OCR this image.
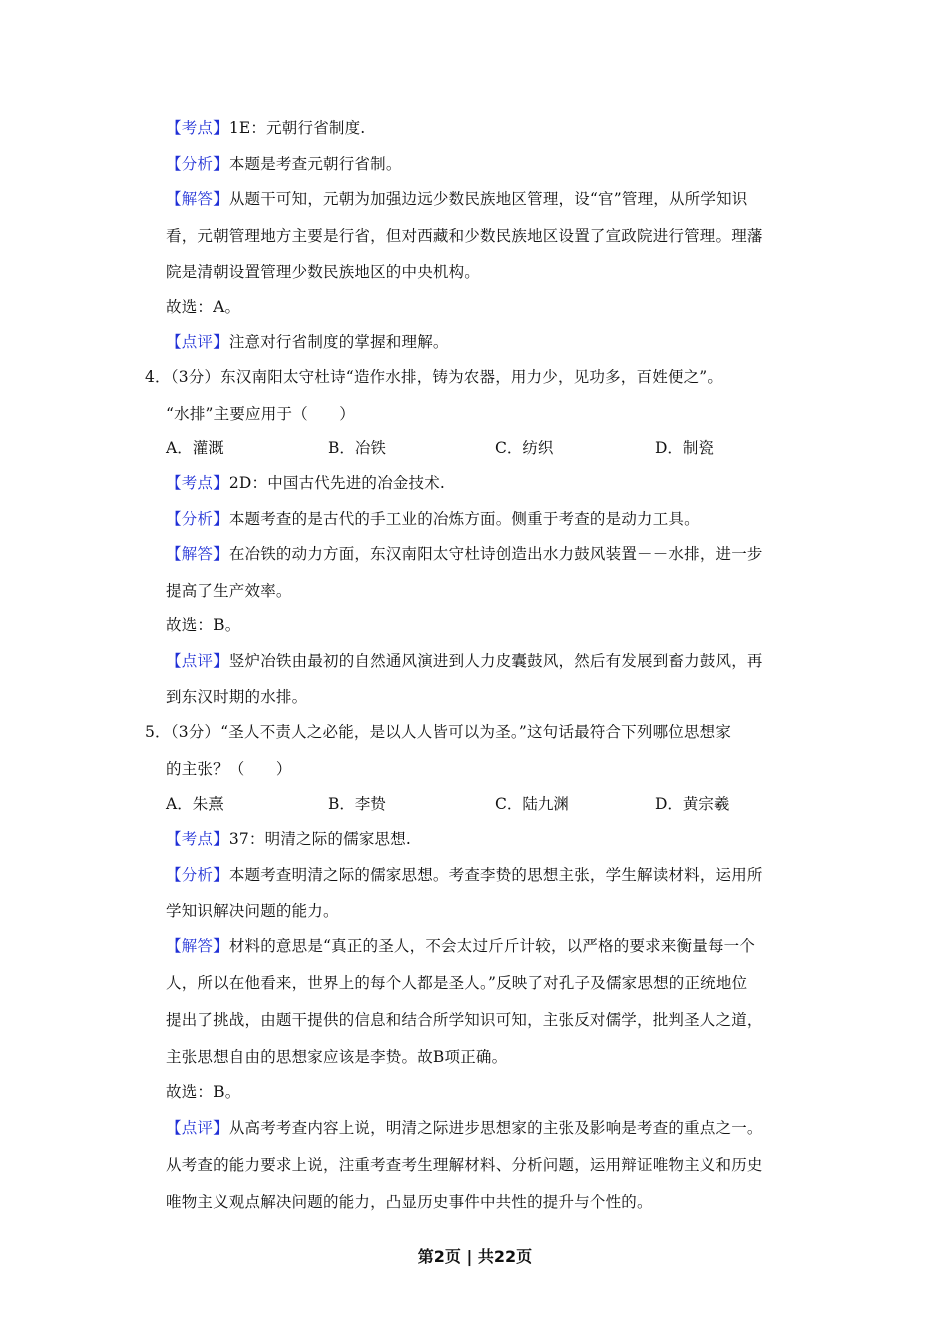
【考点】1E：元朝行省制度.
【分析】本题是考查元朝行省制。
【解答】从题干可知，元朝为加强边远少数民族地区管理，设“官”管理，从所学知识
看，元朝管理地方主要是行省，但对西藏和少数民族地区设置了宣政院进行管理。理藩
院是清朝设置管理少数民族地区的中央机构。
故选：A。
【点评】注意对行省制度的掌握和理解。
4．（3分）东汉南阳太守杜诗“造作水排，铸为农器，用力少，见功多，百姓便之”。
“水排”主要应用于（　　）
A．灌溉	B．冶铁	C．纺织	D．制瓷
【考点】2D：中国古代先进的冶金技术.
【分析】本题考查的是古代的手工业的冶炼方面。侧重于考查的是动力工具。
【解答】在冶铁的动力方面，东汉南阳太守杜诗创造出水力鼓风装置－－水排，进一步
提高了生产效率。
故选：B。
【点评】竖炉冶铁由最初的自然通风演进到人力皮囊鼓风，然后有发展到畜力鼓风，再
到东汉时期的水排。
5．（3分）“圣人不责人之必能，是以人人皆可以为圣。”这句话最符合下列哪位思想家
的主张？（　　）
A．朱熹	B．李贽	C．陆九渊	D．黄宗羲
【考点】37：明清之际的儒家思想.
【分析】本题考查明清之际的儒家思想。考查李贽的思想主张，学生解读材料，运用所
学知识解决问题的能力。
【解答】材料的意思是“真正的圣人，不会太过斤斤计较，以严格的要求来衡量每一个
人，所以在他看来，世界上的每个人都是圣人。”反映了对孔子及儒家思想的正统地位
提出了挑战，由题干提供的信息和结合所学知识可知，主张反对儒学，批判圣人之道，
主张思想自由的思想家应该是李贽。故B项正确。
故选：B。
【点评】从高考考查内容上说，明清之际进步思想家的主张及影响是考查的重点之一。
从考查的能力要求上说，注重考查考生理解材料、分析问题，运用辩证唯物主义和历史
唯物主义观点解决问题的能力，凸显历史事件中共性的提升与个性的。
第2页 | 共22页
